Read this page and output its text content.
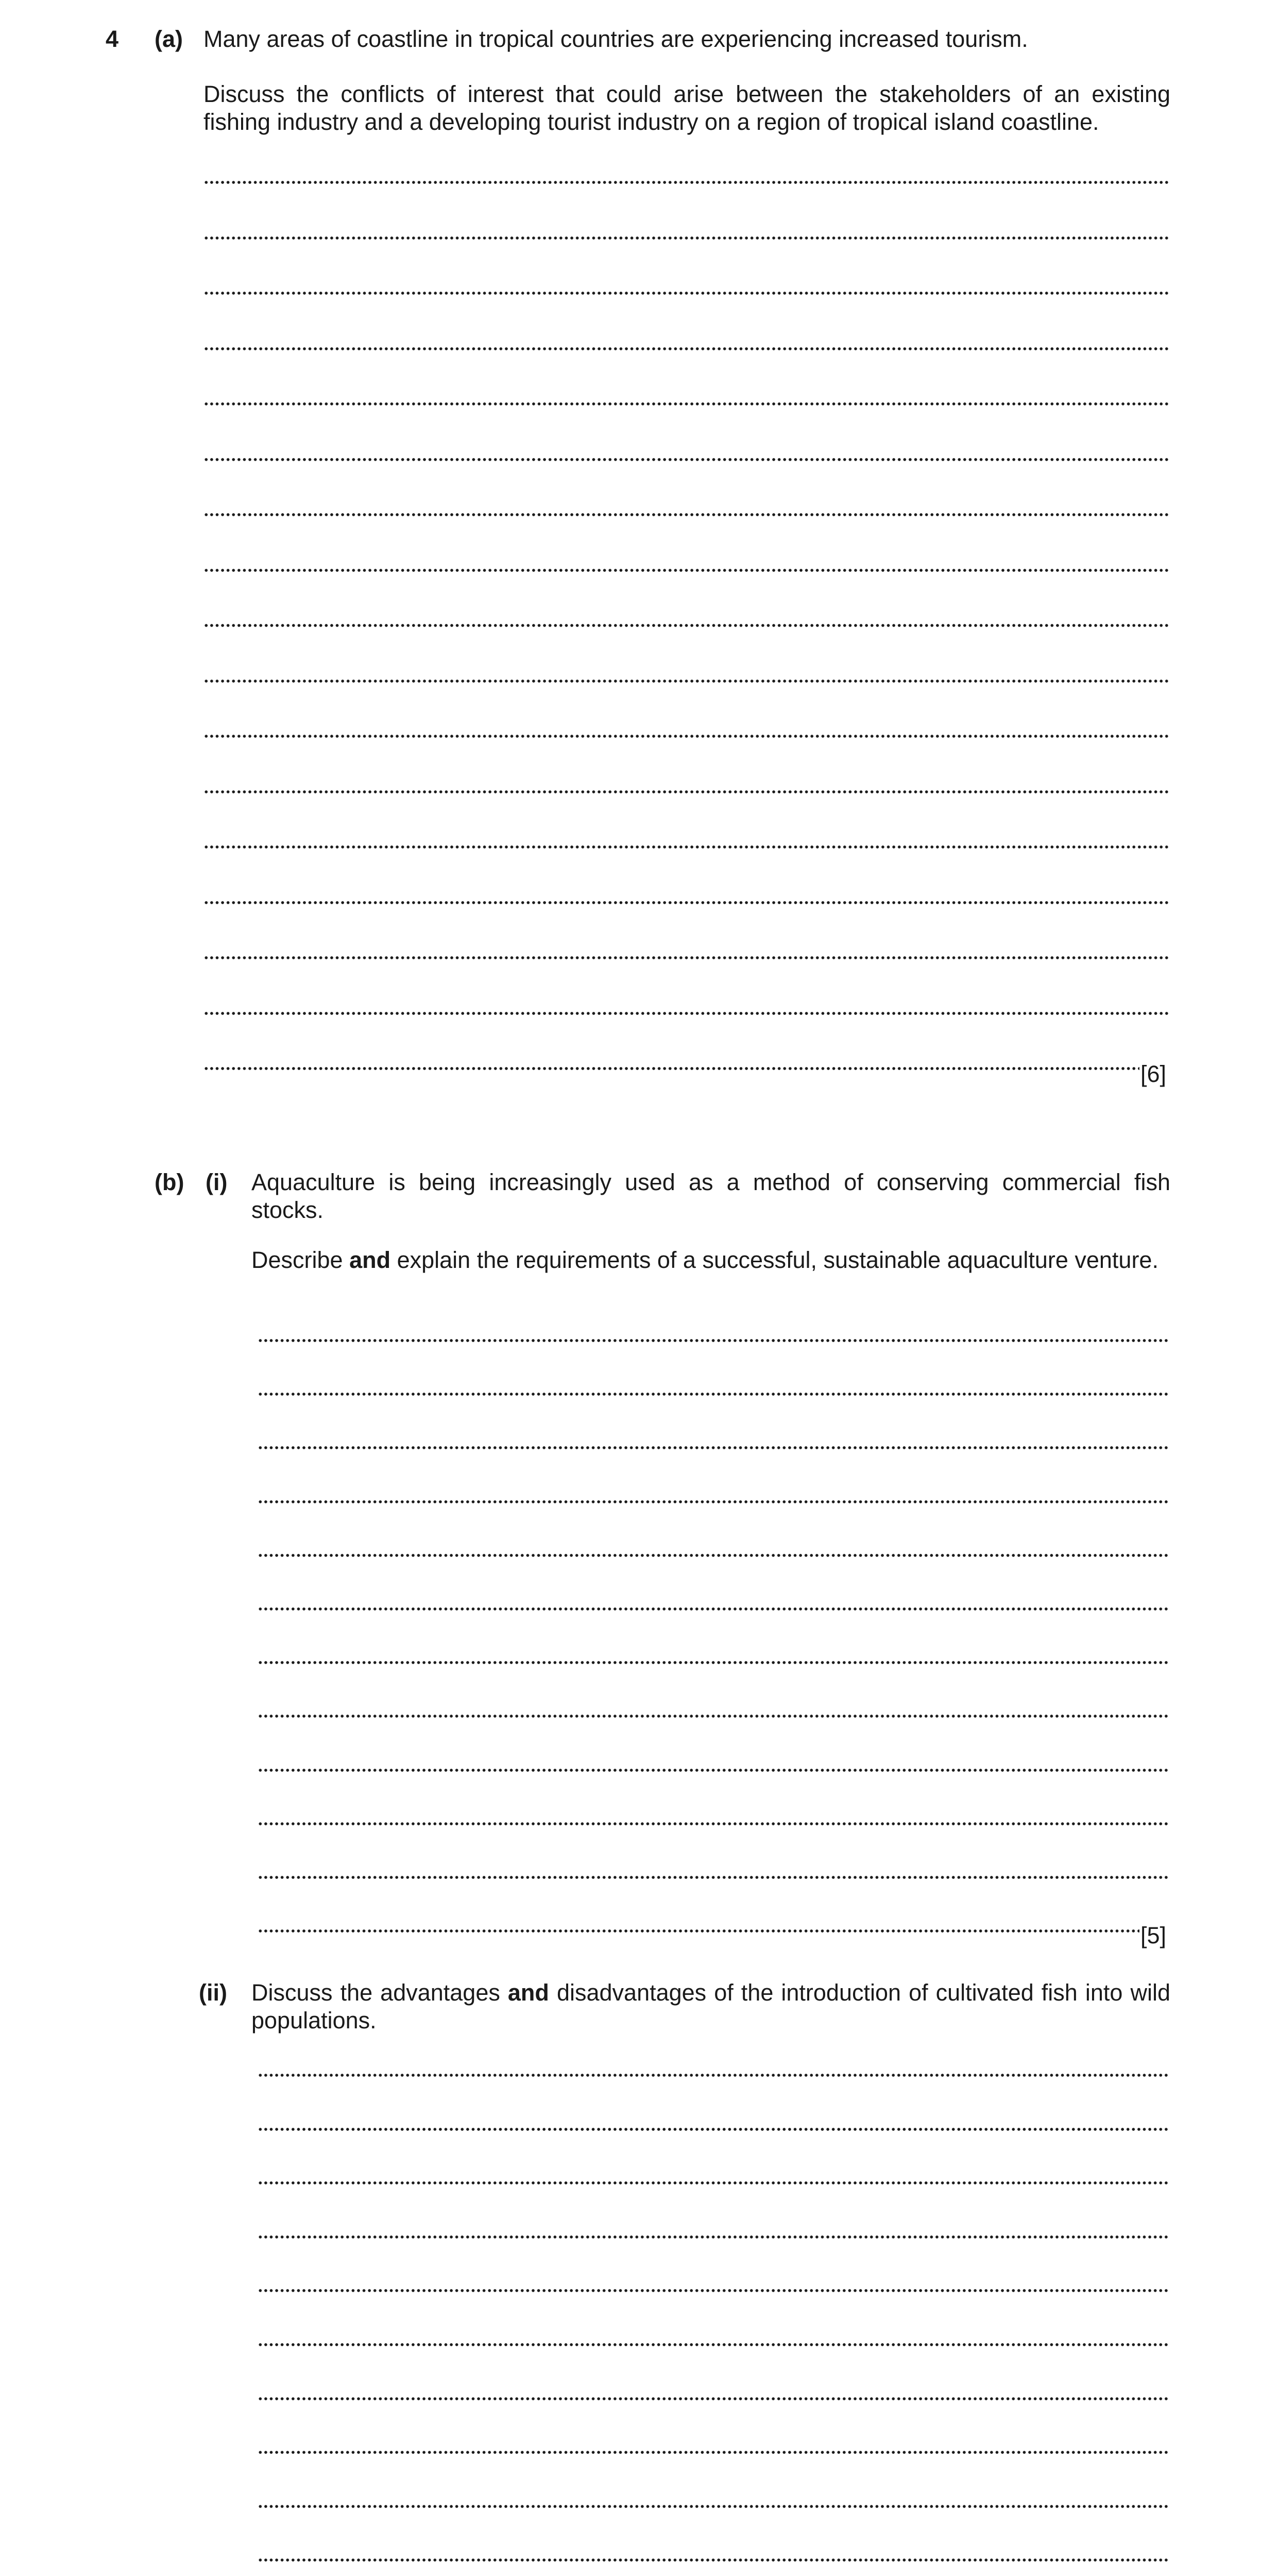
4 (a) Many areas of coastline in tropical countries are experiencing increased tourism.
Discuss the conflicts of interest that could arise between the stakeholders of an existing fishing industry and a developing tourist industry on a region of tropical island coastline.
[6]
(b) (i) Aquaculture is being increasingly used as a method of conserving commercial fish stocks.
Describe and explain the requirements of a successful, sustainable aquaculture venture.
[5]
(ii) Discuss the advantages and disadvantages of the introduction of cultivated fish into wild populations.
